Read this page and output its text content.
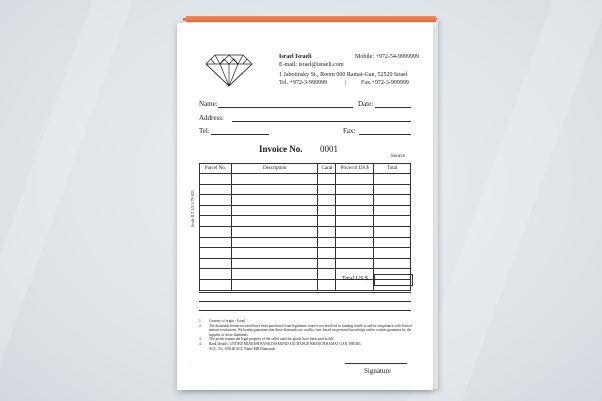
Israel Israeli	Mobile: +972-54-9999999
E-mail: israel@israeli.com
1 Jabotinsky St., Room 000 Ramat-Gan, 52520 Israel
Tel. +972-3-999999	| Fax.+972-3-999999
Name:	Date:
Address:
Tel:	Fax:
Invoice No. 0001
Source
Scale ILT 1/2.3.78-021
Parcel No.	Description	Carat	Price/ctr US $	Total

Total US $
1.	Country of origin - Israel
2.	The diamonds herein invoiced have been purchased from legitimate sources not involved in funding conflicts and in compliance with United nations resolutions. We hereby guarantee that these diamonds are conflict free, based on personal knowledge and/or written guarantee by the supplier of these diamonds.
3.	The goods remain the legal property of the seller until the goods have been paid in full.
4.	Bank Details: UNITED MIZRAHI BANK DIAMOND EXCHANGE BRANCH RAMAT GAN, ISRAEL
ACC. No. 109148 ACC Name MR Diamonds
Signature
